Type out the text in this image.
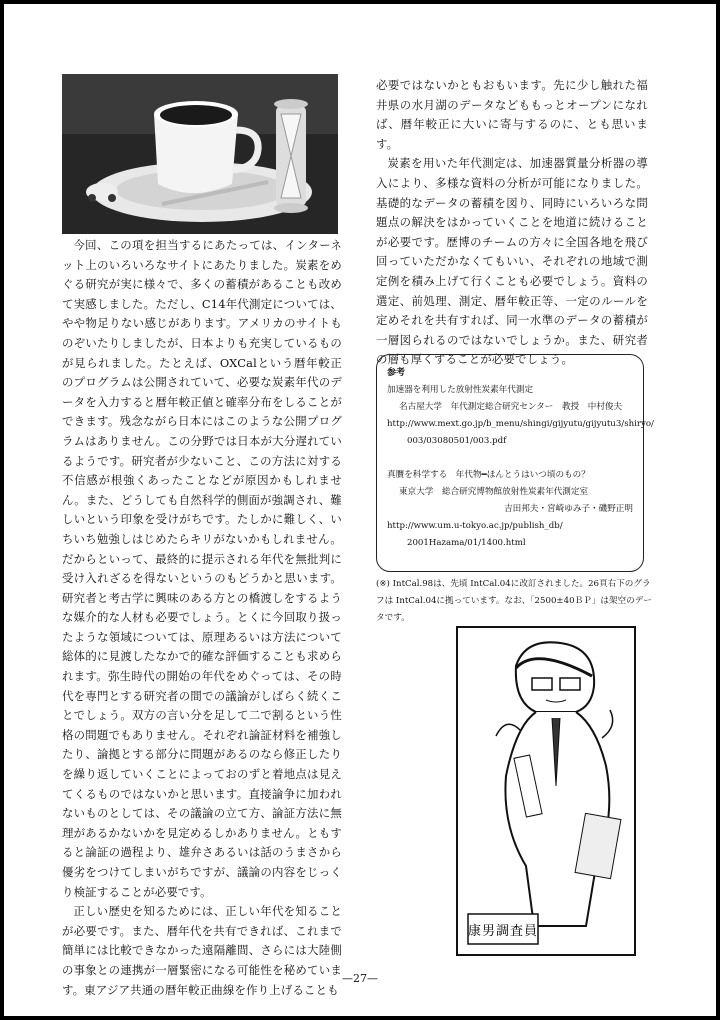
今回、この項を担当するにあたっては、インターネット上のいろいろなサイトにあたりました。炭素をめぐる研究が実に様々で、多くの蓄積があることも改めて実感しました。ただし、C14年代測定については、やや物足りない感じがあります。アメリカのサイトものぞいたりしましたが、日本よりも充実しているものが見られました。たとえば、OXCalという暦年較正のプログラムは公開されていて、必要な炭素年代のデータを入力すると暦年較正値と確率分布をしることができます。残念ながら日本にはこのような公開プログラムはありません。この分野では日本が大分遅れているようです。研究者が少ないこと、この方法に対する不信感が根強くあったことなどが原因かもしれません。また、どうしても自然科学的側面が強調され、難しいという印象を受けがちです。たしかに難しく、いちいち勉強しはじめたらキリがないかもしれません。だからといって、最終的に提示される年代を無批判に受け入れざるを得ないというのもどうかと思います。研究者と考古学に興味のある方との橋渡しをするような媒介的な人材も必要でしょう。とくに今回取り扱ったような領域については、原理あるいは方法について総体的に見渡したなかで的確な評価することも求められます。弥生時代の開始の年代をめぐっては、その時代を専門とする研究者の間での議論がしばらく続くことでしょう。双方の言い分を足して二で割るという性格の問題でもありません。それぞれ論証材料を補強したり、論拠とする部分に問題があるのなら修正したりを繰り返していくことによっておのずと着地点は見えてくるものではないかと思います。直接論争に加われないものとしては、その議論の立て方、論証方法に無理があるかないかを見定めるしかありません。ともすると論証の過程より、雄弁さあるいは話のうまさから優劣をつけてしまいがちですが、議論の内容をじっくり検証することが必要です。

正しい歴史を知るためには、正しい年代を知ることが必要です。また、暦年代を共有できれば、これまで簡単には比較できなかった遠隔離間、さらには大陸側の事象との連携が一層緊密になる可能性を秘めています。東アジア共通の暦年較正曲線を作り上げることも

必要ではないかともおもいます。先に少し触れた福井県の水月湖のデータなどももっとオープンになれば、暦年較正に大いに寄与するのに、とも思います。

炭素を用いた年代測定は、加速器質量分析器の導入により、多様な資料の分析が可能になりました。基礎的なデータの蓄積を図り、同時にいろいろな問題点の解決をはかっていくことを地道に続けることが必要です。歴博のチームの方々に全国各地を飛び回っていただかなくてもいい、それぞれの地域で測定例を積み上げて行くことも必要でしょう。資料の選定、前処理、測定、暦年較正等、一定のルールを定めそれを共有すれば、同一水準のデータの蓄積が一層図られるのではないでしょうか。また、研究者の層も厚くすることが必要でしょう。

参考
加速器を利用した放射性炭素年代測定
名古屋大学　年代測定総合研究センター　教授　中村俊夫
http://www.mext.go.jp/b_menu/shingi/gijyutu/gijyutu3/shiryo/
003/03080501/003.pdf
真贋を科学する　年代物━ほんとうはいつ頃のもの？
東京大学　総合研究博物館放射性炭素年代測定室
吉田邦夫・宮崎ゆみ子・磯野正明
http://www.um.u-tokyo.ac.jp/publish_db/
2001Hazama/01/1400.html
(※) IntCal.98は、先頃 IntCal.04に改訂されました。26頁右下のグラフは IntCal.04に拠っています。なお、「2500±40ＢＰ」は架空のデータです。
康男調査員
—27—
